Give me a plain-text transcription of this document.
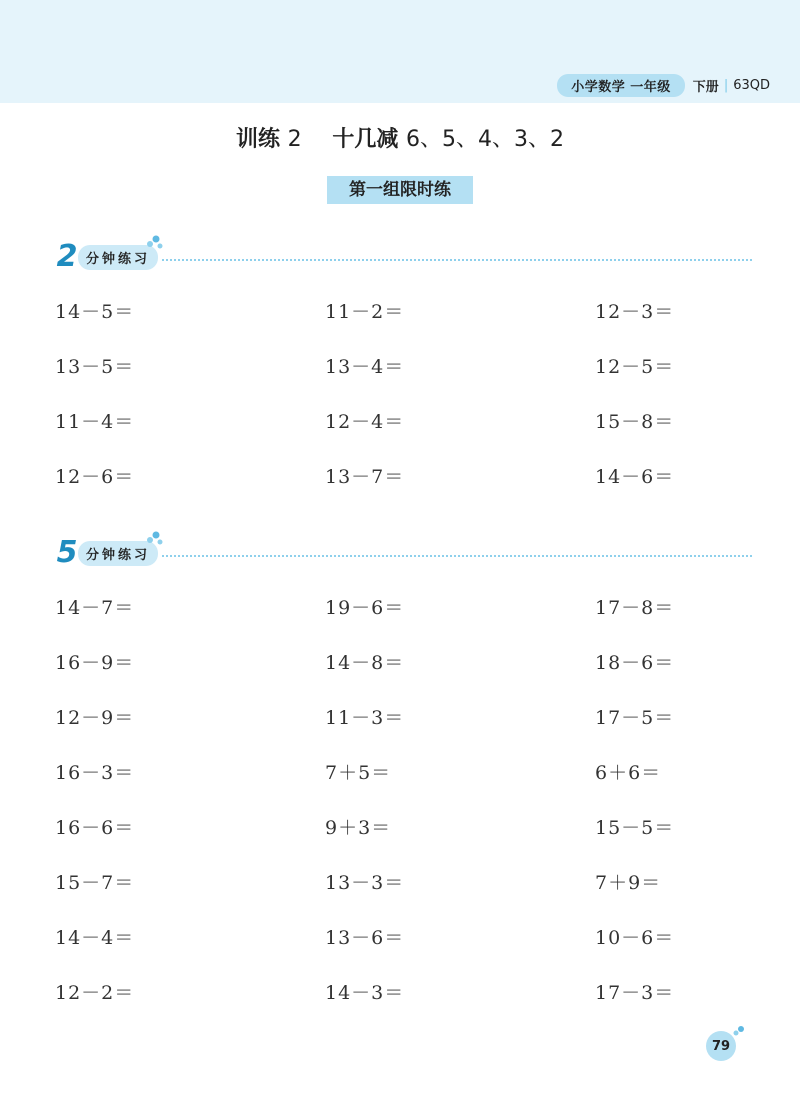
小学数学 一年级	下册 | 63QD
训练 2 十几减 6、5、4、3、2
第一组限时练
2 分钟练习
14－5＝	11－2＝	12－3＝
13－5＝	13－4＝	12－5＝
11－4＝	12－4＝	15－8＝
12－6＝	13－7＝	14－6＝
5 分钟练习
14－7＝	19－6＝	17－8＝
16－9＝	14－8＝	18－6＝
12－9＝	11－3＝	17－5＝
16－3＝	7＋5＝	6＋6＝
16－6＝	9＋3＝	15－5＝
15－7＝	13－3＝	7＋9＝
14－4＝	13－6＝	10－6＝
12－2＝	14－3＝	17－3＝
79
